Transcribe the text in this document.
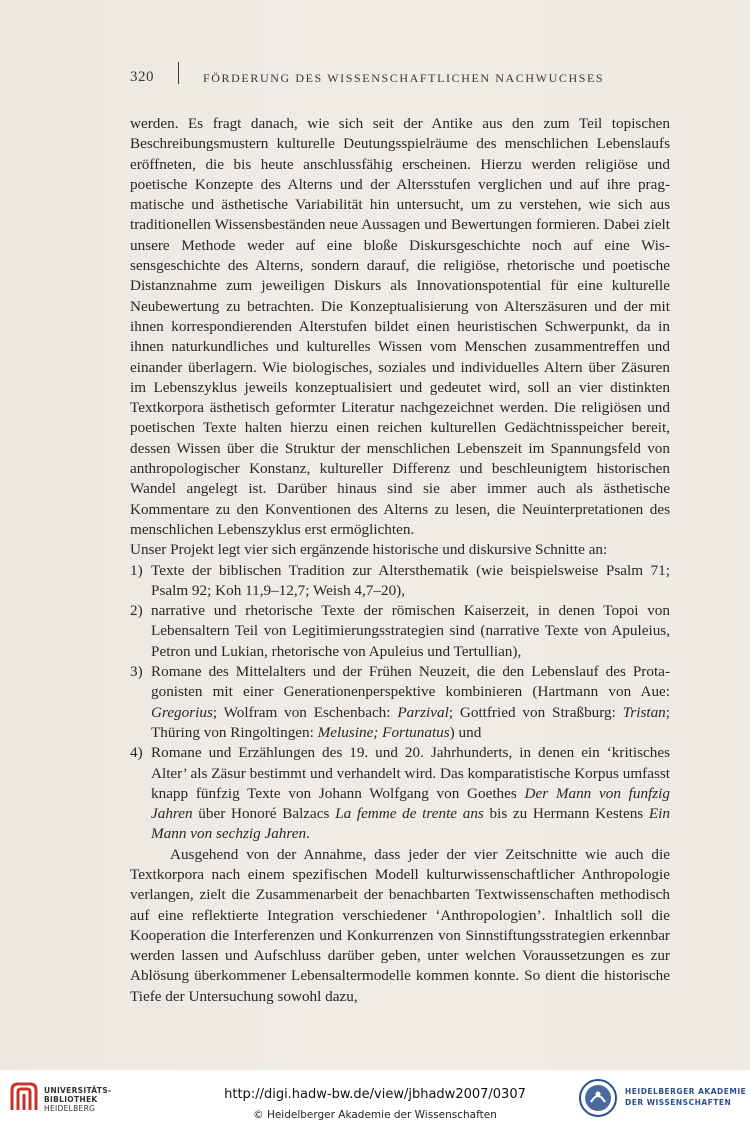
320	FÖRDERUNG DES WISSENSCHAFTLICHEN NACHWUCHSES

werden. Es fragt danach, wie sich seit der Antike aus den zum Teil topischen Beschreibungsmustern kulturelle Deutungsspielräume des menschlichen Lebenslaufs eröffneten, die bis heute anschlussfähig erscheinen. Hierzu werden religiöse und poetische Konzepte des Alterns und der Altersstufen verglichen und auf ihre pragmatische und ästhetische Variabilität hin untersucht, um zu verstehen, wie sich aus traditionellen Wissensbeständen neue Aussagen und Bewertungen formieren. Dabei zielt unsere Methode weder auf eine bloße Diskursgeschichte noch auf eine Wissensgeschichte des Alterns, sondern darauf, die religiöse, rhetorische und poetische Distanznahme zum jeweiligen Diskurs als Innovationspotential für eine kulturelle Neubewertung zu betrachten. Die Konzeptualisierung von Alterszäsuren und der mit ihnen korrespondierenden Alterstufen bildet einen heuristischen Schwerpunkt, da in ihnen naturkundliches und kulturelles Wissen vom Menschen zusammentreffen und einander überlagern. Wie biologisches, soziales und individuelles Altern über Zäsuren im Lebenszyklus jeweils konzeptualisiert und gedeutet wird, soll an vier distinkten Textkorpora ästhetisch geformter Literatur nachgezeichnet werden. Die religiösen und poetischen Texte halten hierzu einen reichen kulturellen Gedächtnisspeicher bereit, dessen Wissen über die Struktur der menschlichen Lebenszeit im Spannungsfeld von anthropologischer Konstanz, kultureller Differenz und beschleunigtem historischen Wandel angelegt ist. Darüber hinaus sind sie aber immer auch als ästhetische Kommentare zu den Konventionen des Alterns zu lesen, die Neuinterpretationen des menschlichen Lebenszyklus erst ermöglichten.

Unser Projekt legt vier sich ergänzende historische und diskursive Schnitte an:

1) Texte der biblischen Tradition zur Altersthematik (wie beispielsweise Psalm 71; Psalm 92; Koh 11,9–12,7; Weish 4,7–20),
2) narrative und rhetorische Texte der römischen Kaiserzeit, in denen Topoi von Lebensaltern Teil von Legitimierungsstrategien sind (narrative Texte von Apuleius, Petron und Lukian, rhetorische von Apuleius und Tertullian),
3) Romane des Mittelalters und der Frühen Neuzeit, die den Lebenslauf des Protagonisten mit einer Generationenperspektive kombinieren (Hartmann von Aue: Gregorius; Wolfram von Eschenbach: Parzival; Gottfried von Straßburg: Tristan; Thüring von Ringoltingen: Melusine; Fortunatus) und
4) Romane und Erzählungen des 19. und 20. Jahrhunderts, in denen ein ‘kritisches Alter’ als Zäsur bestimmt und verhandelt wird. Das komparatistische Korpus umfasst knapp fünfzig Texte von Johann Wolfgang von Goethes Der Mann von funfzig Jahren über Honoré Balzacs La femme de trente ans bis zu Hermann Kestens Ein Mann von sechzig Jahren.

Ausgehend von der Annahme, dass jeder der vier Zeitschnitte wie auch die Textkorpora nach einem spezifischen Modell kulturwissenschaftlicher Anthropologie verlangen, zielt die Zusammenarbeit der benachbarten Textwissenschaften methodisch auf eine reflektierte Integration verschiedener ‘Anthropologien’. Inhaltlich soll die Kooperation die Interferenzen und Konkurrenzen von Sinnstiftungsstrategien erkennbar werden lassen und Aufschluss darüber geben, unter welchen Voraussetzungen es zur Ablösung überkommener Lebensaltermodelle kommen konnte. So dient die historische Tiefe der Untersuchung sowohl dazu,

UNIVERSITÄTS-
BIBLIOTHEK
HEIDELBERG
http://digi.hadw-bw.de/view/jbhadw2007/0307
© Heidelberger Akademie der Wissenschaften
HEIDELBERGER AKADEMIE
DER WISSENSCHAFTEN
